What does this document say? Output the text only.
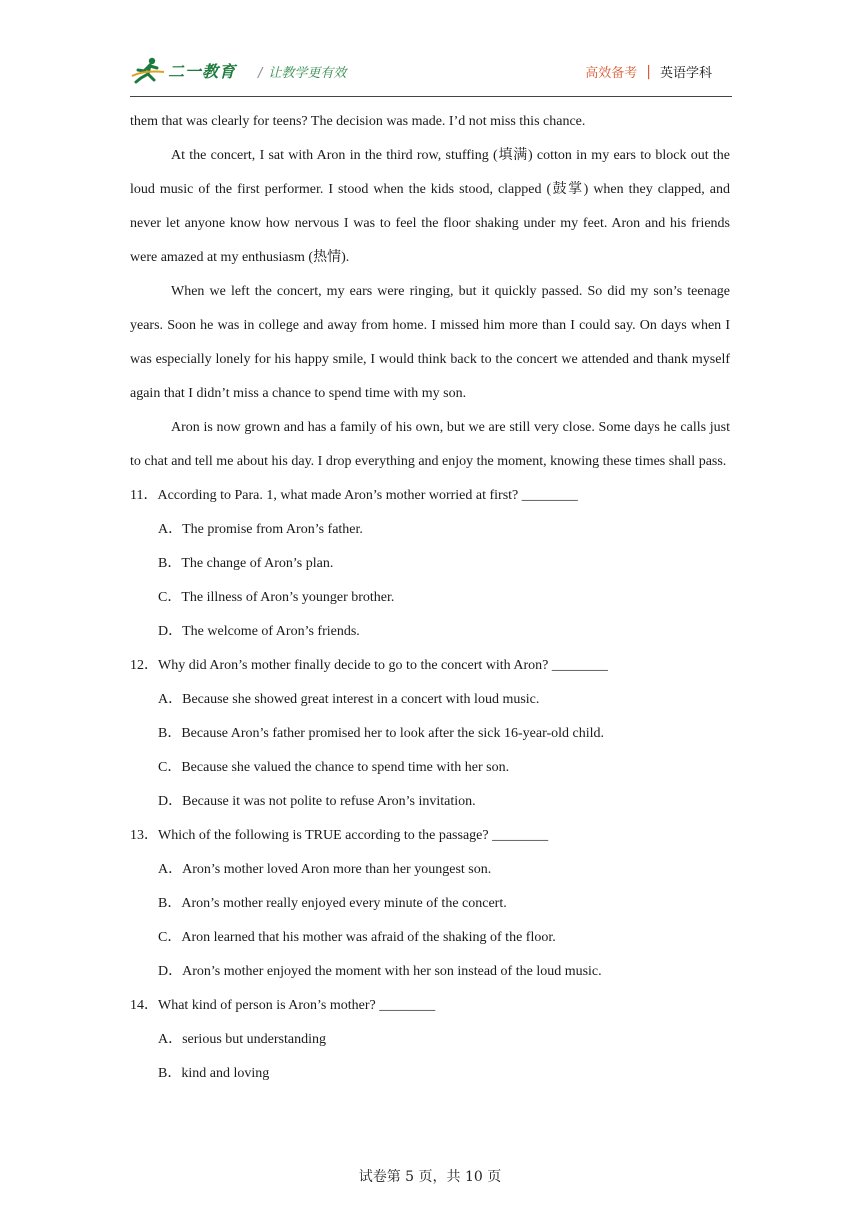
二一教育 / 让教学更有效	高效备考 | 英语学科

them that was clearly for teens? The decision was made. I’d not miss this chance.

At the concert, I sat with Aron in the third row, stuffing (填满) cotton in my ears to block out the loud music of the first performer. I stood when the kids stood, clapped (鼓掌) when they clapped, and never let anyone know how nervous I was to feel the floor shaking under my feet. Aron and his friends were amazed at my enthusiasm (热情).

When we left the concert, my ears were ringing, but it quickly passed. So did my son’s teenage years. Soon he was in college and away from home. I missed him more than I could say. On days when I was especially lonely for his happy smile, I would think back to the concert we attended and thank myself again that I didn’t miss a chance to spend time with my son.

Aron is now grown and has a family of his own, but we are still very close. Some days he calls just to chat and tell me about his day. I drop everything and enjoy the moment, knowing these times shall pass.

11．According to Para. 1, what made Aron’s mother worried at first? ________

A．The promise from Aron’s father.

B．The change of Aron’s plan.

C．The illness of Aron’s younger brother.

D．The welcome of Aron’s friends.

12．Why did Aron’s mother finally decide to go to the concert with Aron? ________

A．Because she showed great interest in a concert with loud music.

B．Because Aron’s father promised her to look after the sick 16-year-old child.

C．Because she valued the chance to spend time with her son.

D．Because it was not polite to refuse Aron’s invitation.

13．Which of the following is TRUE according to the passage? ________

A．Aron’s mother loved Aron more than her youngest son.

B．Aron’s mother really enjoyed every minute of the concert.

C．Aron learned that his mother was afraid of the shaking of the floor.

D．Aron’s mother enjoyed the moment with her son instead of the loud music.

14．What kind of person is Aron’s mother? ________

A．serious but understanding

B．kind and loving

试卷第 5 页，共 10 页
